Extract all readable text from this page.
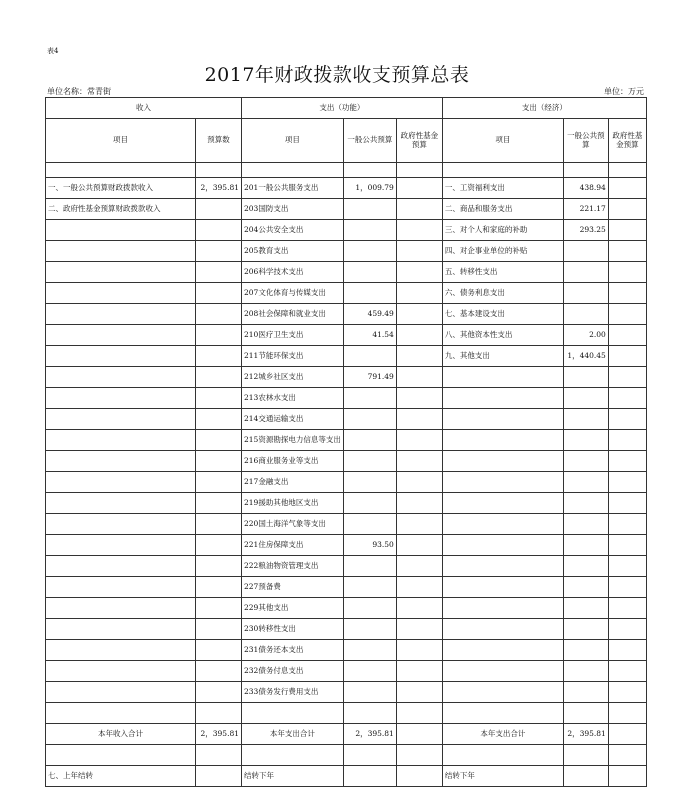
表4
2017年财政拨款收支预算总表
单位名称：常青街	单位：万元
收入		支出（功能）			支出（经济）		
项目	预算数	项目	一般公共预算	政府性基金预算	项目	一般公共预算	政府性基金预算

一、一般公共预算财政拨款收入	2，395.81	201一般公共服务支出	1，009.79		一、工资福利支出	438.94	
二、政府性基金预算财政拨款收入		203国防支出			二、商品和服务支出	221.17	
		204公共安全支出			三、对个人和家庭的补助	293.25	
		205教育支出			四、对企事业单位的补贴		
		206科学技术支出			五、转移性支出		
		207文化体育与传媒支出			六、债务利息支出		
		208社会保障和就业支出	459.49		七、基本建设支出		
		210医疗卫生支出	41.54		八、其他资本性支出	2.00	
		211节能环保支出			九、其他支出	1，440.45	
		212城乡社区支出	791.49				
		213农林水支出					
		214交通运输支出					
		215资源勘探电力信息等支出					
		216商业服务业等支出					
		217金融支出					
		219援助其他地区支出					
		220国土海洋气象等支出					
		221住房保障支出	93.50				
		222粮油物资管理支出					
		227预备费					
		229其他支出					
		230转移性支出					
		231债务还本支出					
		232债务付息支出					
		233债务发行费用支出					

本年收入合计	2，395.81	本年支出合计	2，395.81		本年支出合计	2，395.81	

七、上年结转		结转下年			结转下年		
